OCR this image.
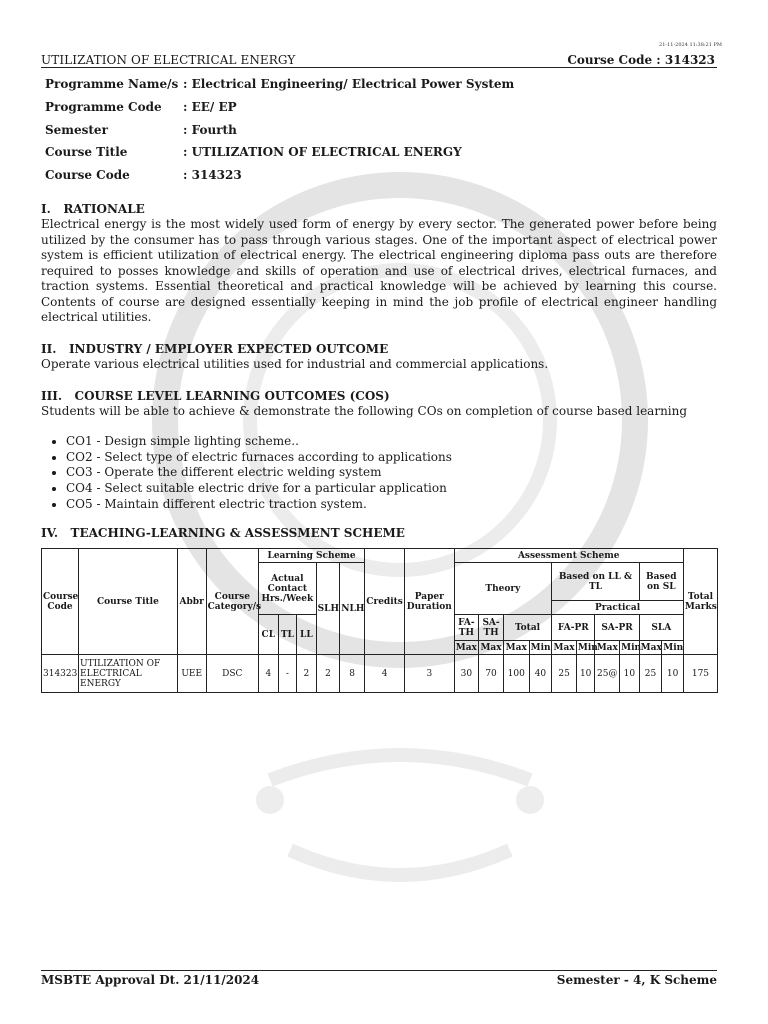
21-11-2024 11:38:21 PM
UTILIZATION OF ELECTRICAL ENERGY	Course Code : 314323
Programme Name/s : Electrical Engineering/ Electrical Power System
Programme Code	: EE/ EP
Semester	: Fourth
Course Title	: UTILIZATION OF ELECTRICAL ENERGY
Course Code	: 314323
I.   RATIONALE
Electrical energy is the most widely used form of energy by every sector. The generated power before being utilized by the consumer has to pass through various stages. One of the important aspect of electrical power system is efficient utilization of electrical energy. The electrical engineering diploma pass outs are therefore required to posses knowledge and skills of operation and use of electrical drives, electrical furnaces, and traction systems. Essential theoretical and practical knowledge will be achieved by learning this course. Contents of course are designed essentially keeping in mind the job profile of electrical engineer handling electrical utilities.
II.   INDUSTRY / EMPLOYER EXPECTED OUTCOME
Operate various electrical utilities used for industrial and commercial applications.
III.   COURSE LEVEL LEARNING OUTCOMES (COS)
Students will be able to achieve & demonstrate the following COs on completion of course based learning
• CO1 - Design simple lighting scheme..
• CO2 - Select type of electric furnaces according to applications
• CO3 - Operate the different electric welding system
• CO4 - Select suitable electric drive for a particular application
• CO5 - Maintain different electric traction system.
IV.   TEACHING-LEARNING & ASSESSMENT SCHEME
Course Code	Course Title	Abbr	Course Category/s	Learning Scheme					Credits	Paper Duration	Assessment Scheme										Total Marks
				Actual Contact Hrs./Week			SLH	NLH			Theory				Based on LL & TL				Based on SL		
															Practical						
				CL	TL	LL					FA-TH	SA-TH	Total		FA-PR		SA-PR		SLA		
											Max	Max	Max	Min	Max	Min	Max	Min	Max	Min	
314323	UTILIZATION OF ELECTRICAL ENERGY	UEE	DSC	4	-	2	2	8	4	3	30	70	100	40	25	10	25@	10	25	10	175
MSBTE Approval Dt. 21/11/2024	Semester - 4, K Scheme
